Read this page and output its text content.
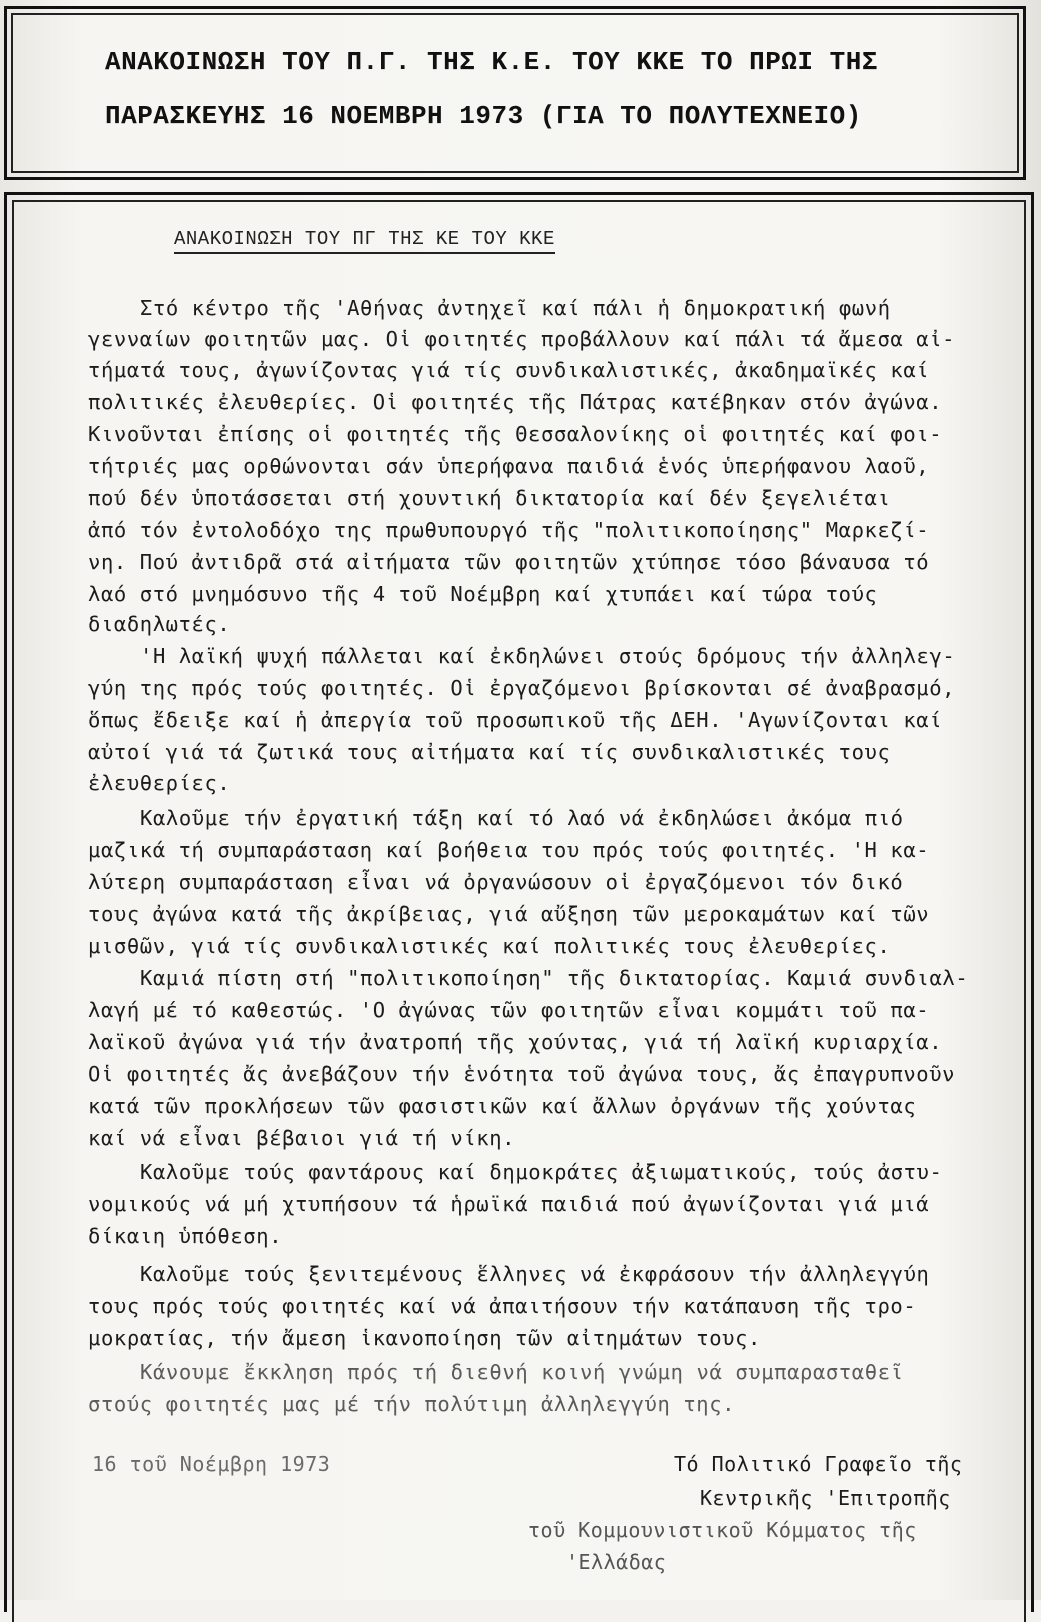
ΑΝΑΚΟΙΝΩΣΗ ΤΟΥ Π.Γ. ΤΗΣ Κ.Ε. ΤΟΥ ΚΚΕ ΤΟ ΠΡΩΙ ΤΗΣ
ΠΑΡΑΣΚΕΥΗΣ 16 ΝΟΕΜΒΡΗ 1973 (ΓΙΑ ΤΟ ΠΟΛΥΤΕΧΝΕΙΟ)
ΑΝΑΚΟΙΝΩΣΗ ΤΟΥ ΠΓ ΤΗΣ ΚΕ ΤΟΥ ΚΚΕ
Στό κέντρο τῆς 'Αθήνας ἀντηχεῖ καί πάλι ἡ δημοκρατική φωνή
γενναίων φοιτητῶν μας. Οἱ φοιτητές προβάλλουν καί πάλι τά ἄμεσα αἰ-
τήματά τους, ἀγωνίζοντας γιά τίς συνδικαλιστικές, ἀκαδημαϊκές καί
πολιτικές ἐλευθερίες. Οἱ φοιτητές τῆς Πάτρας κατέβηκαν στόν ἀγώνα.
Κινοῦνται ἐπίσης οἱ φοιτητές τῆς Θεσσαλονίκης οἱ φοιτητές καί φοι-
τήτριές μας ορθώνονται σάν ὑπερήφανα παιδιά ἑνός ὑπερήφανου λαοῦ,
πού δέν ὑποτάσσεται στή χουντική δικτατορία καί δέν ξεγελιέται
ἀπό τόν ἐντολοδόχο της πρωθυπουργό τῆς "πολιτικοποίησης" Μαρκεζί-
νη. Πού ἀντιδρᾶ στά αἰτήματα τῶν φοιτητῶν χτύπησε τόσο βάναυσα τό
λαό στό μνημόσυνο τῆς 4 τοῦ Νοέμβρη καί χτυπάει καί τώρα τούς
διαδηλωτές.
'Η λαϊκή ψυχή πάλλεται καί ἐκδηλώνει στούς δρόμους τήν ἀλληλεγ-
γύη της πρός τούς φοιτητές. Οἱ ἐργαζόμενοι βρίσκονται σέ ἀναβρασμό,
ὅπως ἔδειξε καί ἡ ἀπεργία τοῦ προσωπικοῦ τῆς ΔΕΗ. 'Αγωνίζονται καί
αὐτοί γιά τά ζωτικά τους αἰτήματα καί τίς συνδικαλιστικές τους
ἐλευθερίες.
Καλοῦμε τήν ἐργατική τάξη καί τό λαό νά ἐκδηλώσει ἀκόμα πιό
μαζικά τή συμπαράσταση καί βοήθεια του πρός τούς φοιτητές. 'Η κα-
λύτερη συμπαράσταση εἶναι νά ὀργανώσουν οἱ ἐργαζόμενοι τόν δικό
τους ἀγώνα κατά τῆς ἀκρίβειας, γιά αὔξηση τῶν μεροκαμάτων καί τῶν
μισθῶν, γιά τίς συνδικαλιστικές καί πολιτικές τους ἐλευθερίες.
Καμιά πίστη στή "πολιτικοποίηση" τῆς δικτατορίας. Καμιά συνδιαλ-
λαγή μέ τό καθεστώς. 'Ο ἀγώνας τῶν φοιτητῶν εἶναι κομμάτι τοῦ πα-
λαϊκοῦ ἀγώνα γιά τήν ἀνατροπή τῆς χούντας, γιά τή λαϊκή κυριαρχία.
Οἱ φοιτητές ἄς ἀνεβάζουν τήν ἑνότητα τοῦ ἀγώνα τους, ἄς ἐπαγρυπνοῦν
κατά τῶν προκλήσεων τῶν φασιστικῶν καί ἄλλων ὀργάνων τῆς χούντας
καί νά εἶναι βέβαιοι γιά τή νίκη.
Καλοῦμε τούς φαντάρους καί δημοκράτες ἀξιωματικούς, τούς ἀστυ-
νομικούς νά μή χτυπήσουν τά ἡρωϊκά παιδιά πού ἀγωνίζονται γιά μιά
δίκαιη ὑπόθεση.
Καλοῦμε τούς ξενιτεμένους ἕλληνες νά ἐκφράσουν τήν ἀλληλεγγύη
τους πρός τούς φοιτητές καί νά ἀπαιτήσουν τήν κατάπαυση τῆς τρο-
μοκρατίας, τήν ἄμεση ἱκανοποίηση τῶν αἰτημάτων τους.
Κάνουμε ἔκκληση πρός τή διεθνή κοινή γνώμη νά συμπαρασταθεῖ
στούς φοιτητές μας μέ τήν πολύτιμη ἀλληλεγγύη της.
16 τοῦ Νοέμβρη 1973	Τό Πολιτικό Γραφεῖο τῆς
Κεντρικῆς 'Επιτροπῆς
τοῦ Κομμουνιστικοῦ Κόμματος τῆς
'Ελλάδας
